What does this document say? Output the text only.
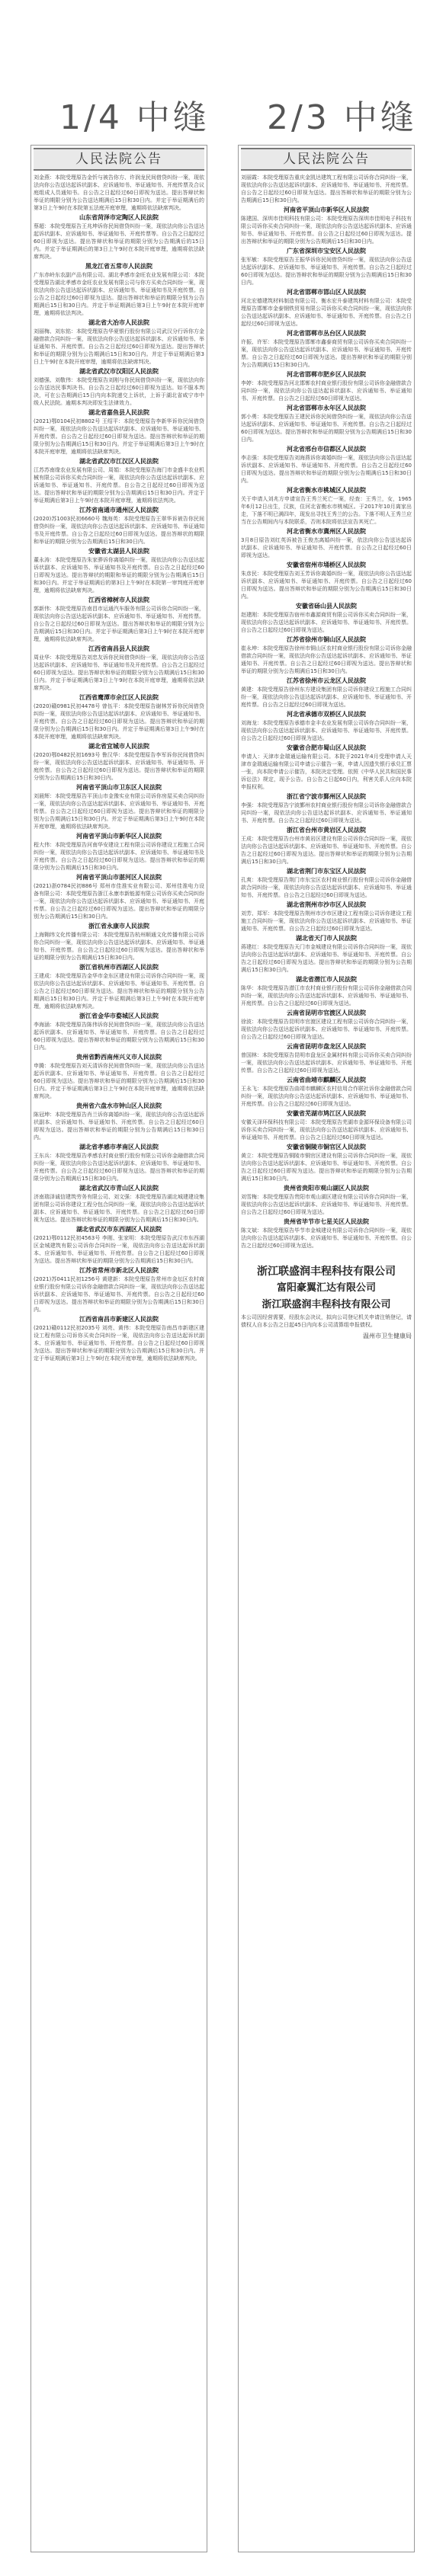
1/4 中缝 2/3 中缝
人民法院公告
刘金燕：本院受理原告金忻与被告你方、许润龙民间借贷纠纷一案，现依法向你公告送达起诉状副本、应诉通知书、举证通知书、开庭传票及合议庭组成人员通知书。自公告之日起经过60日即视为送达。提出答辩状和举证的期限分别为公告送达期满后15日和30日内。并定于举证期满后的第3日上午9时在本院第五法庭开庭审理，逾期将依法缺席判决。
山东省菏泽市定陶区人民法院
蔡超：本院受理原告王兆坤诉你民间借贷纠纷一案，现依法向你公告送达起诉状副本、应诉通知书、举证通知书、开庭传票等。自公告之日起经过60日即视为送达。提出答辩状和举证的期限分别为公告期满后的15日内。并定于举证期满后的第3日上午9时在本院开庭审理，逾期将依法缺席判决。
黑龙江省五常市人民法院
广东赤岭东农副产品有限公司、湖北孝感市金旺农业发展有限公司：本院受理原告湖北孝感市金旺农业发展有限公司与你方买卖合同纠纷一案，现依法向你公告送达起诉状副本、应诉通知书、举证通知书及开庭传票。自公告之日起经过60日即视为送达。提出答辩状和举证的期限分别为公告期满后15日和30日内。并定于举证期满后第3日上午9时在本院开庭审理，逾期将依法判决。
湖北省大冶市人民法院
刘丽梅、刘东铭：本院受理原告华夏银行股份有限公司武汉分行诉你方金融借款合同纠纷一案，现依法向你公告送达起诉状副本、应诉通知书、举证通知书、开庭传票。自公告之日起经过60日即视为送达。提出答辩状和举证的期限分别为公告期满后15日和30日内。并定于举证期满后第3日上午9时在本院开庭审理，逾期将依法缺席判决。
湖北省武汉市汉阳区人民法院
刘德强、刘敬伟：本院受理原告刘刚与你民间借贷纠纷一案，现依法向你公告送达民事判决书。自公告之日起经过60日即视为送达。如不服本判决，可在公告期满后15日内向本院递交上诉状，上诉于湖北省咸宁市中级人民法院。逾期本判决即发生法律效力。
湖北省嘉鱼县人民法院
(2021)鄂0104民初8802号 王绍平：本院受理原告李新华诉你民间借贷纠纷一案，现依法向你公告送达起诉状副本、应诉通知书、举证通知书、开庭传票。自公告之日起经过60日即视为送达。提出答辩状和举证的期限分别为公告期满后15日和30日内。并定于举证期满后第3日上午9时在本院开庭审理，逾期将依法缺席判决。
湖北省武汉市江汉区人民法院
江苏苏南缘农业发展有限公司、周娟：本院受理原告海门市金盛丰农业机械有限公司诉你买卖合同纠纷一案，现依法向你公告送达起诉状副本、应诉通知书、举证通知书、开庭传票。自公告之日起经过60日即视为送达。提出答辩状和举证的期限分别为公告期满后15日和30日内。并定于举证期满后第3日上午9时在本院开庭审理，逾期将依法判决。
江苏省南通市通州区人民法院
(2020)苏1003民初6660号 魏海英：本院受理原告王翠华诉被告你民间借贷纠纷一案，现依法向你公告送达起诉状副本、应诉通知书、举证通知书及开庭传票。自公告之日起经过60日即视为送达。提出答辩状的期限和举证的期限分别为公告期满后15日和30日内。
安徽省太湖县人民法院
董永涛：本院受理原告朱家骅诉你离婚纠纷一案，现依法向你公告送达起诉状副本、应诉通知书、举证通知书及开庭传票。自公告之日起经过60日即视为送达。提出答辩状的期限和举证的期限分别为公告期满后15日和30日内。并定于举证期满后的第3日上午9时在本院第一审判庭开庭审理，逾期将依法缺席判决。
江西省樟树市人民法院
郭新伟：本院受理原告南昌市运通汽车服务有限公司诉你合同纠纷一案，现依法向你公告送达起诉状副本、应诉通知书、举证通知书、开庭传票。自公告之日起经过60日即视为送达。提出答辩状和举证的期限分别为公告期满后15日和30日内。并定于举证期满后第3日上午9时在本院开庭审理，逾期将依法缺席判决。
江西省南昌县人民法院
周业华：本院受理原告刘忠友诉你民间借贷纠纷一案，现依法向你公告送达起诉状副本、应诉通知书、举证通知书及开庭传票。自公告之日起经过60日即视为送达。提出答辩状和举证的期限分别为公告期满后15日和30日内。并定于举证期满后第3日上午9时在本院开庭审理，逾期将依法缺席判决。
江西省鹰潭市余江区人民法院
(2020)赣0981民初4478号 曾伍平：本院受理原告谢林芳诉你民间借贷纠纷一案，现依法向你公告送达起诉状副本、应诉通知书、举证通知书、开庭传票。自公告之日起经过60日即视为送达。提出答辩状和举证的期限分别为公告期满后15日和30日内。并定于举证期满后第3日上午9时在本院开庭审理，逾期将依法缺席判决。
湖北省宜城市人民法院
(2020)鄂0482民初1693号 鲁汉华：本院受理原告李军诉你民间借贷纠纷一案，现依法向你公告送达起诉状副本、应诉通知书、举证通知书、开庭传票。自公告之日起经过60日即视为送达。提出答辩状和举证的期限分别为公告期满后15日和30日内。
河南省平顶山市卫东区人民法院
刘晨辉：本院受理原告平顶山市金豫实业有限公司诉你房屋买卖合同纠纷一案，现依法向你公告送达起诉状副本、应诉通知书、举证通知书、开庭传票。自公告之日起经过60日即视为送达。提出答辩状和举证的期限分别为公告期满后15日和30日内。并定于举证期满后第3日上午9时在本院开庭审理，逾期将依法缺席判决。
河南省平顶山市新华区人民法院
程大伟：本院受理原告河南华安建设工程有限公司诉你建设工程施工合同纠纷一案，现依法向你公告送达起诉状副本、应诉通知书、举证通知书及开庭传票。自公告之日起经过60日即视为送达。提出答辩状和举证的期限分别为公告期满后15日和30日内。
河南省平顶山市湛河区人民法院
(2021)浙0784民初886号 郑州市佳淮实业有限公司、郑州佳淮电力设备有限公司：本院受理原告浙江永康市新能源有限公司诉你买卖合同纠纷一案，现依法向你公告送达起诉状副本、应诉通知书、举证通知书、开庭传票。自公告之日起经过60日即视为送达。提出答辩状和举证的期限分别为公告期满后15日和30日内。
浙江省永康市人民法院
上海翱纬文化传播有限公司：本院受理原告杭州顺通文化传播有限公司诉你合同纠纷一案，现依法向你公告送达起诉状副本、应诉通知书、举证通知书、开庭传票。自公告之日起经过60日即视为送达。提出答辩状和举证的期限分别为公告期满后15日和30日内。
浙江省杭州市西湖区人民法院
王建成：本院受理原告金华市金东区建设有限公司诉你合同纠纷一案，现依法向你公告送达起诉状副本、应诉通知书、举证通知书、开庭传票。自公告之日起经过60日即视为送达。提出答辩状和举证的期限分别为公告期满后15日和30日内。并定于举证期满后第3日上午9时在本院开庭审理，逾期将依法缺席判决。
浙江省金华市婺城区人民法院
李海涵：本院受理原告陈伟诉你民间借贷纠纷一案，现依法向你公告送达起诉状副本、应诉通知书、举证通知书、开庭传票。自公告之日起经过60日即视为送达。提出答辩状和举证的期限分别为公告期满后15日和30日内。
贵州省黔西南州兴义市人民法院
申腾：本院受理原告刘天清诉你民间借贷纠纷一案，现依法向你公告送达起诉状副本、应诉通知书、举证通知书、开庭传票。自公告之日起经过60日即视为送达。提出答辩状和举证的期限分别为公告期满后15日和30日内。并定于举证期满后第3日上午9时在本院开庭审理，逾期将依法缺席判决。
贵州省六盘水市钟山区人民法院
陈冠坤：本院受理原告肖兰诉你离婚纠纷一案，现依法向你公告送达起诉状副本、应诉通知书、举证通知书、开庭传票。自公告之日起经过60日即视为送达。提出答辩状和举证的期限分别为公告期满后15日和30日内。
湖北省孝感市孝南区人民法院
王东兵：本院受理原告孝感农村商业银行股份有限公司诉你金融借款合同纠纷一案，现依法向你公告送达起诉状副本、应诉通知书、举证通知书、开庭传票。自公告之日起经过60日即视为送达。提出答辩状和举证的期限分别为公告期满后15日和30日内。
湖北省武汉市青山区人民法院
济南瑞泽诚信建筑劳务有限公司、刘文强：本院受理原告湖北城建建设集团有限公司诉你建设工程分包合同纠纷一案，现依法向你公告送达起诉状副本、应诉通知书、举证通知书、开庭传票。自公告之日起经过60日即视为送达。提出答辩状和举证的期限分别为公告期满后15日和30日内。
湖北省武汉市东西湖区人民法院
(2021)鄂0112民初4563号 李刚、张家明：本院受理原告武汉市东西湖区金城建筑有限公司诉你合同纠纷一案，现依法向你公告送达起诉状副本、应诉通知书、举证通知书、开庭传票。自公告之日起经过60日即视为送达。提出答辩状和举证的期限分别为公告期满后15日和30日内。
江苏省常州市新北区人民法院
(2021)苏0411民初1256号 黄建新：本院受理原告常州市金坛区农村商业银行股份有限公司诉你金融借款合同纠纷一案，现依法向你公告送达起诉状副本、应诉通知书、举证通知书、开庭传票。自公告之日起经过60日即视为送达。提出答辩状和举证的期限分别为公告期满后15日和30日内。
江西省南昌市新建区人民法院
(2021)赣0112民初2035号 刘亮、黄伟：本院受理原告南昌市新建区建设工程有限公司诉你买卖合同纠纷一案，现依法向你公告送达起诉状副本、应诉通知书、举证通知书、开庭传票。自公告之日起经过60日即视为送达。提出答辩状和举证的期限分别为公告期满后15日和30日内。并定于举证期满后第3日上午9时在本院开庭审理，逾期将依法缺席判决。
人民法院公告
刘丽霞：本院受理原告重庆金凯达建筑工程有限公司诉你合同纠纷一案，现依法向你公告送达起诉状副本、应诉通知书、举证通知书、开庭传票。自公告之日起经过60日即视为送达。提出答辩状和举证的期限分别为公告期满后15日和30日内。
河南省平顶山市新华区人民法院
陈建国、深圳市佳明科技有限公司：本院受理原告深圳市佳明电子科技有限公司诉你买卖合同纠纷一案，现依法向你公告送达起诉状副本、应诉通知书、举证通知书、开庭传票。自公告之日起经过60日即视为送达。提出答辩状和举证的期限分别为公告期满后15日和30日内。
广东省深圳市宝安区人民法院
张军敏：本院受理原告王振华诉你民间借贷纠纷一案，现依法向你公告送达起诉状副本、应诉通知书、举证通知书、开庭传票。自公告之日起经过60日即视为送达。提出答辩状和举证的期限分别为公告期满后15日和30日内。
河北省邯郸市邯山区人民法院
河北宏德建筑材料制造有限公司、衡水宏升泰建筑材料有限公司：本院受理原告邯郸市金泰钢铁贸易有限公司诉你买卖合同纠纷一案，现依法向你公告送达起诉状副本、应诉通知书、举证通知书、开庭传票。自公告之日起经过60日即视为送达。
河北省邯郸市丛台区人民法院
许振、许军：本院受理原告邯郸市鑫泰商贸有限公司诉你买卖合同纠纷一案，现依法向你公告送达起诉状副本、应诉通知书、举证通知书、开庭传票。自公告之日起经过60日即视为送达。提出答辩状和举证的期限分别为公告期满后15日和30日内。
河北省邯郸市肥乡区人民法院
李婷：本院受理原告河北邯郸农村商业银行股份有限公司诉你金融借款合同纠纷一案，现依法向你公告送达起诉状副本、应诉通知书、举证通知书、开庭传票。自公告之日起经过60日即视为送达。
河北省邯郸市永年区人民法院
郭小勇：本院受理原告王建民诉你民间借贷纠纷一案，现依法向你公告送达起诉状副本、应诉通知书、举证通知书、开庭传票。自公告之日起经过60日即视为送达。提出答辩状和举证的期限分别为公告期满后15日和30日内。
河北省邢台市信都区人民法院
李志强：本院受理原告刘海燕诉你离婚纠纷一案，现依法向你公告送达起诉状副本、应诉通知书、举证通知书、开庭传票。自公告之日起经过60日即视为送达。提出答辩状和举证的期限分别为公告期满后15日和30日内。
河北省衡水市桃城区人民法院
关于申请人刘兆方申请宣告王秀兰死亡一案，经查：王秀兰，女，1965年6月12日出生，汉族，住河北省衡水市桃城区。于2017年10月离家出走，下落不明已满四年，现发出寻找王秀兰的公告。下落不明人王秀兰应当在公告期间内与本院联系，否则本院将依法宣告其死亡。
河北省衡水市冀州区人民法院
3月8日原告刘红英诉被告王俊杰离婚纠纷一案，依法向你公告送达起诉状副本、应诉通知书、举证通知书、开庭传票。自公告之日起经过60日即视为送达。
安徽省宿州市埇桥区人民法院
朱彦民：本院受理原告刘玉芳诉你离婚纠纷一案，现依法向你公告送达起诉状副本、应诉通知书、举证通知书、开庭传票。自公告之日起经过60日即视为送达。提出答辩状和举证的期限分别为公告期满后15日和30日内。
安徽省砀山县人民法院
赵建刚：本院受理原告宿州市鑫源商贸有限公司诉你买卖合同纠纷一案，现依法向你公告送达起诉状副本、应诉通知书、举证通知书、开庭传票。自公告之日起经过60日即视为送达。
江苏省徐州市铜山区人民法院
崔永坤：本院受理原告徐州市铜山区农村商业银行股份有限公司诉你金融借款合同纠纷一案，现依法向你公告送达起诉状副本、应诉通知书、举证通知书、开庭传票。自公告之日起经过60日即视为送达。提出答辩状和举证的期限分别为公告期满后15日和30日内。
江苏省徐州市云龙区人民法院
黄建：本院受理原告徐州东方建设集团有限公司诉你建设工程施工合同纠纷一案，现依法向你公告送达起诉状副本、应诉通知书、举证通知书、开庭传票。自公告之日起经过60日即视为送达。
河北省承德市双桥区人民法院
刘海龙：本院受理原告承德市金丰农业发展有限公司诉你合同纠纷一案，现依法向你公告送达起诉状副本、应诉通知书、举证通知书、开庭传票。自公告之日起经过60日即视为送达。
安徽省合肥市蜀山区人民法院
申请人：天津市金瑞通运输有限公司。本院于2021年4月受理申请人天津市金瑞通运输有限公司申请公示催告一案，申请人因遗失银行承兑汇票一张，向本院申请公示催告，本院决定受理。依照《中华人民共和国民事诉讼法》规定，现予公告。自公告之日起60日内，利害关系人应向本院申报权利。
浙江省宁波市鄞州区人民法院
李强：本院受理原告宁波鄞州农村商业银行股份有限公司诉你金融借款合同纠纷一案，现依法向你公告送达起诉状副本、应诉通知书、举证通知书、开庭传票。自公告之日起经过60日即视为送达。
浙江省台州市黄岩区人民法院
王成：本院受理原告台州市黄岩区建设有限公司诉你合同纠纷一案，现依法向你公告送达起诉状副本、应诉通知书、举证通知书、开庭传票。自公告之日起经过60日即视为送达。提出答辩状和举证的期限分别为公告期满后15日和30日内。
湖北省荆门市东宝区人民法院
孔爽：本院受理原告荆门市东宝区农村商业银行股份有限公司诉你金融借款合同纠纷一案，现依法向你公告送达起诉状副本、应诉通知书、举证通知书、开庭传票。自公告之日起经过60日即视为送达。
湖北省荆州市沙市区人民法院
刘芳、郑军：本院受理原告荆州市沙市区建设工程有限公司诉你建设工程施工合同纠纷一案，现依法向你公告送达起诉状副本、应诉通知书、举证通知书、开庭传票。自公告之日起经过60日即视为送达。
湖北省天门市人民法院
蒋建红：本院受理原告天门市金城建设有限公司诉你合同纠纷一案，现依法向你公告送达起诉状副本、应诉通知书、举证通知书、开庭传票。自公告之日起经过60日即视为送达。提出答辩状和举证的期限分别为公告期满后15日和30日内。
湖北省潜江市人民法院
陈华：本院受理原告潜江市农村商业银行股份有限公司诉你金融借款合同纠纷一案，现依法向你公告送达起诉状副本、应诉通知书、举证通知书、开庭传票。自公告之日起经过60日即视为送达。
云南省昆明市官渡区人民法院
徐波：本院受理原告昆明市官渡区建设工程有限公司诉你合同纠纷一案，现依法向你公告送达起诉状副本、应诉通知书、举证通知书、开庭传票。自公告之日起经过60日即视为送达。
云南省昆明市盘龙区人民法院
曾国林：本院受理原告昆明市盘龙区金属材料有限公司诉你买卖合同纠纷一案，现依法向你公告送达起诉状副本、应诉通知书、举证通知书、开庭传票。自公告之日起经过60日即视为送达。
云南省曲靖市麒麟区人民法院
王永飞：本院受理原告曲靖市麒麟区农村信用合作联社诉你金融借款合同纠纷一案，现依法向你公告送达起诉状副本、应诉通知书、举证通知书、开庭传票。自公告之日起经过60日即视为送达。
安徽省芜湖市鸠江区人民法院
安徽天泽环保科技有限公司：本院受理原告芜湖市金源环保设备有限公司诉你买卖合同纠纷一案，现依法向你公告送达起诉状副本、应诉通知书、举证通知书、开庭传票。自公告之日起经过60日即视为送达。
安徽省铜陵市铜官区人民法院
黄立：本院受理原告铜陵市铜官区建设有限公司诉你合同纠纷一案，现依法向你公告送达起诉状副本、应诉通知书、举证通知书、开庭传票。自公告之日起经过60日即视为送达。提出答辩状和举证的期限分别为公告期满后15日和30日内。
贵州省贵阳市观山湖区人民法院
刘雪梅：本院受理原告贵阳市观山湖区建设有限公司诉你合同纠纷一案，现依法向你公告送达起诉状副本、应诉通知书、举证通知书、开庭传票。自公告之日起经过60日即视为送达。
贵州省毕节市七星关区人民法院
陈文斌：本院受理原告毕节市金城建设有限公司诉你合同纠纷一案，现依法向你公告送达起诉状副本、应诉通知书、举证通知书、开庭传票。自公告之日起经过60日即视为送达。
浙江联盛润丰程科技有限公司
富阳豪翼汇达有限公司
浙江联盛润丰程科技有限公司
本公司因经营需要，经股东会决议，拟向公司登记机关申请注销登记，请债权人自本公告之日起45日内向本公司清算组申报债权。
温州市卫生健康局
